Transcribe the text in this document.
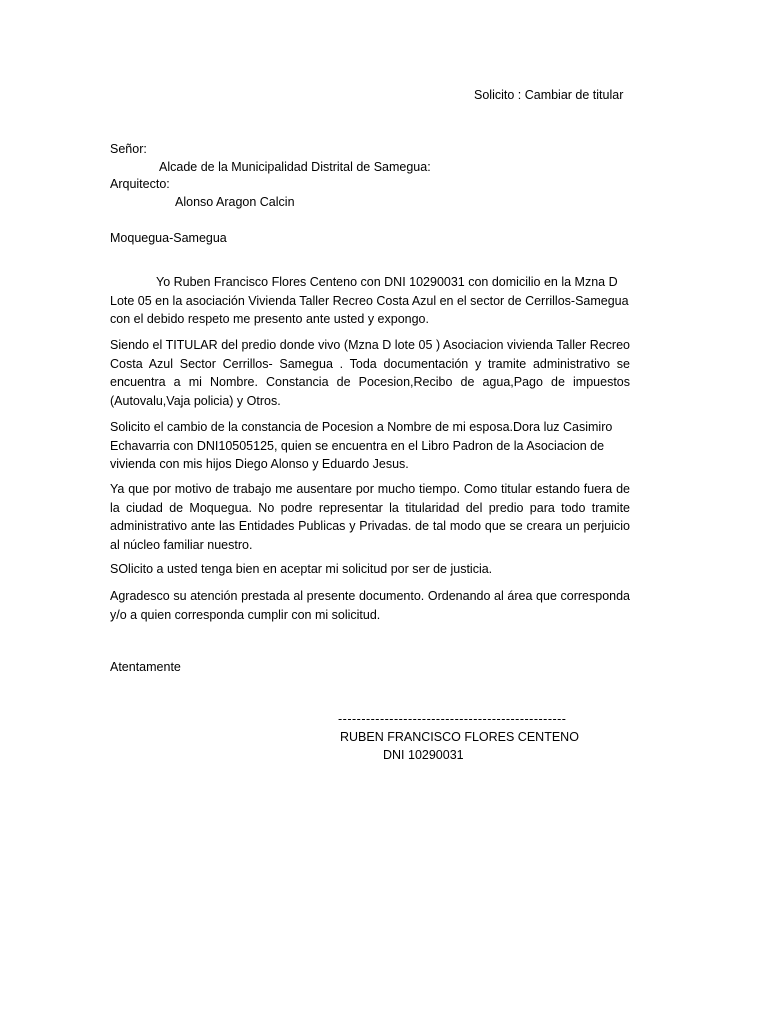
Solicito : Cambiar de titular
Señor:
Alcade de la Municipalidad Distrital de Samegua:
Arquitecto:
Alonso Aragon Calcin
Moquegua-Samegua
Yo Ruben Francisco Flores Centeno con DNI 10290031 con domicilio en la Mzna D Lote 05 en la asociación Vivienda Taller Recreo Costa Azul en el sector de Cerrillos-Samegua con el debido respeto me presento ante usted y expongo.
Siendo el TITULAR del predio donde vivo (Mzna D lote 05 ) Asociacion vivienda Taller Recreo Costa Azul Sector Cerrillos- Samegua . Toda documentación y tramite administrativo se encuentra a mi Nombre. Constancia de Pocesion,Recibo de agua,Pago de impuestos (Autovalu,Vaja policia) y Otros.
Solicito el cambio de la constancia de Pocesion a Nombre de mi esposa.Dora luz Casimiro Echavarria con DNI10505125, quien se encuentra en el Libro Padron de la Asociacion de vivienda con mis hijos Diego Alonso y Eduardo Jesus.
Ya que por motivo de trabajo me ausentare por mucho tiempo. Como titular estando fuera de la ciudad de Moquegua. No podre representar la titularidad del predio para todo tramite administrativo ante las Entidades Publicas y Privadas. de tal modo que se creara un perjuicio al núcleo familiar nuestro.
SOlicito a usted tenga bien en aceptar mi solicitud por ser de justicia.
Agradesco su atención prestada al presente documento. Ordenando al área que corresponda y/o a quien corresponda cumplir con mi solicitud.
Atentamente
-------------------------------------------------
RUBEN FRANCISCO FLORES CENTENO
DNI 10290031
